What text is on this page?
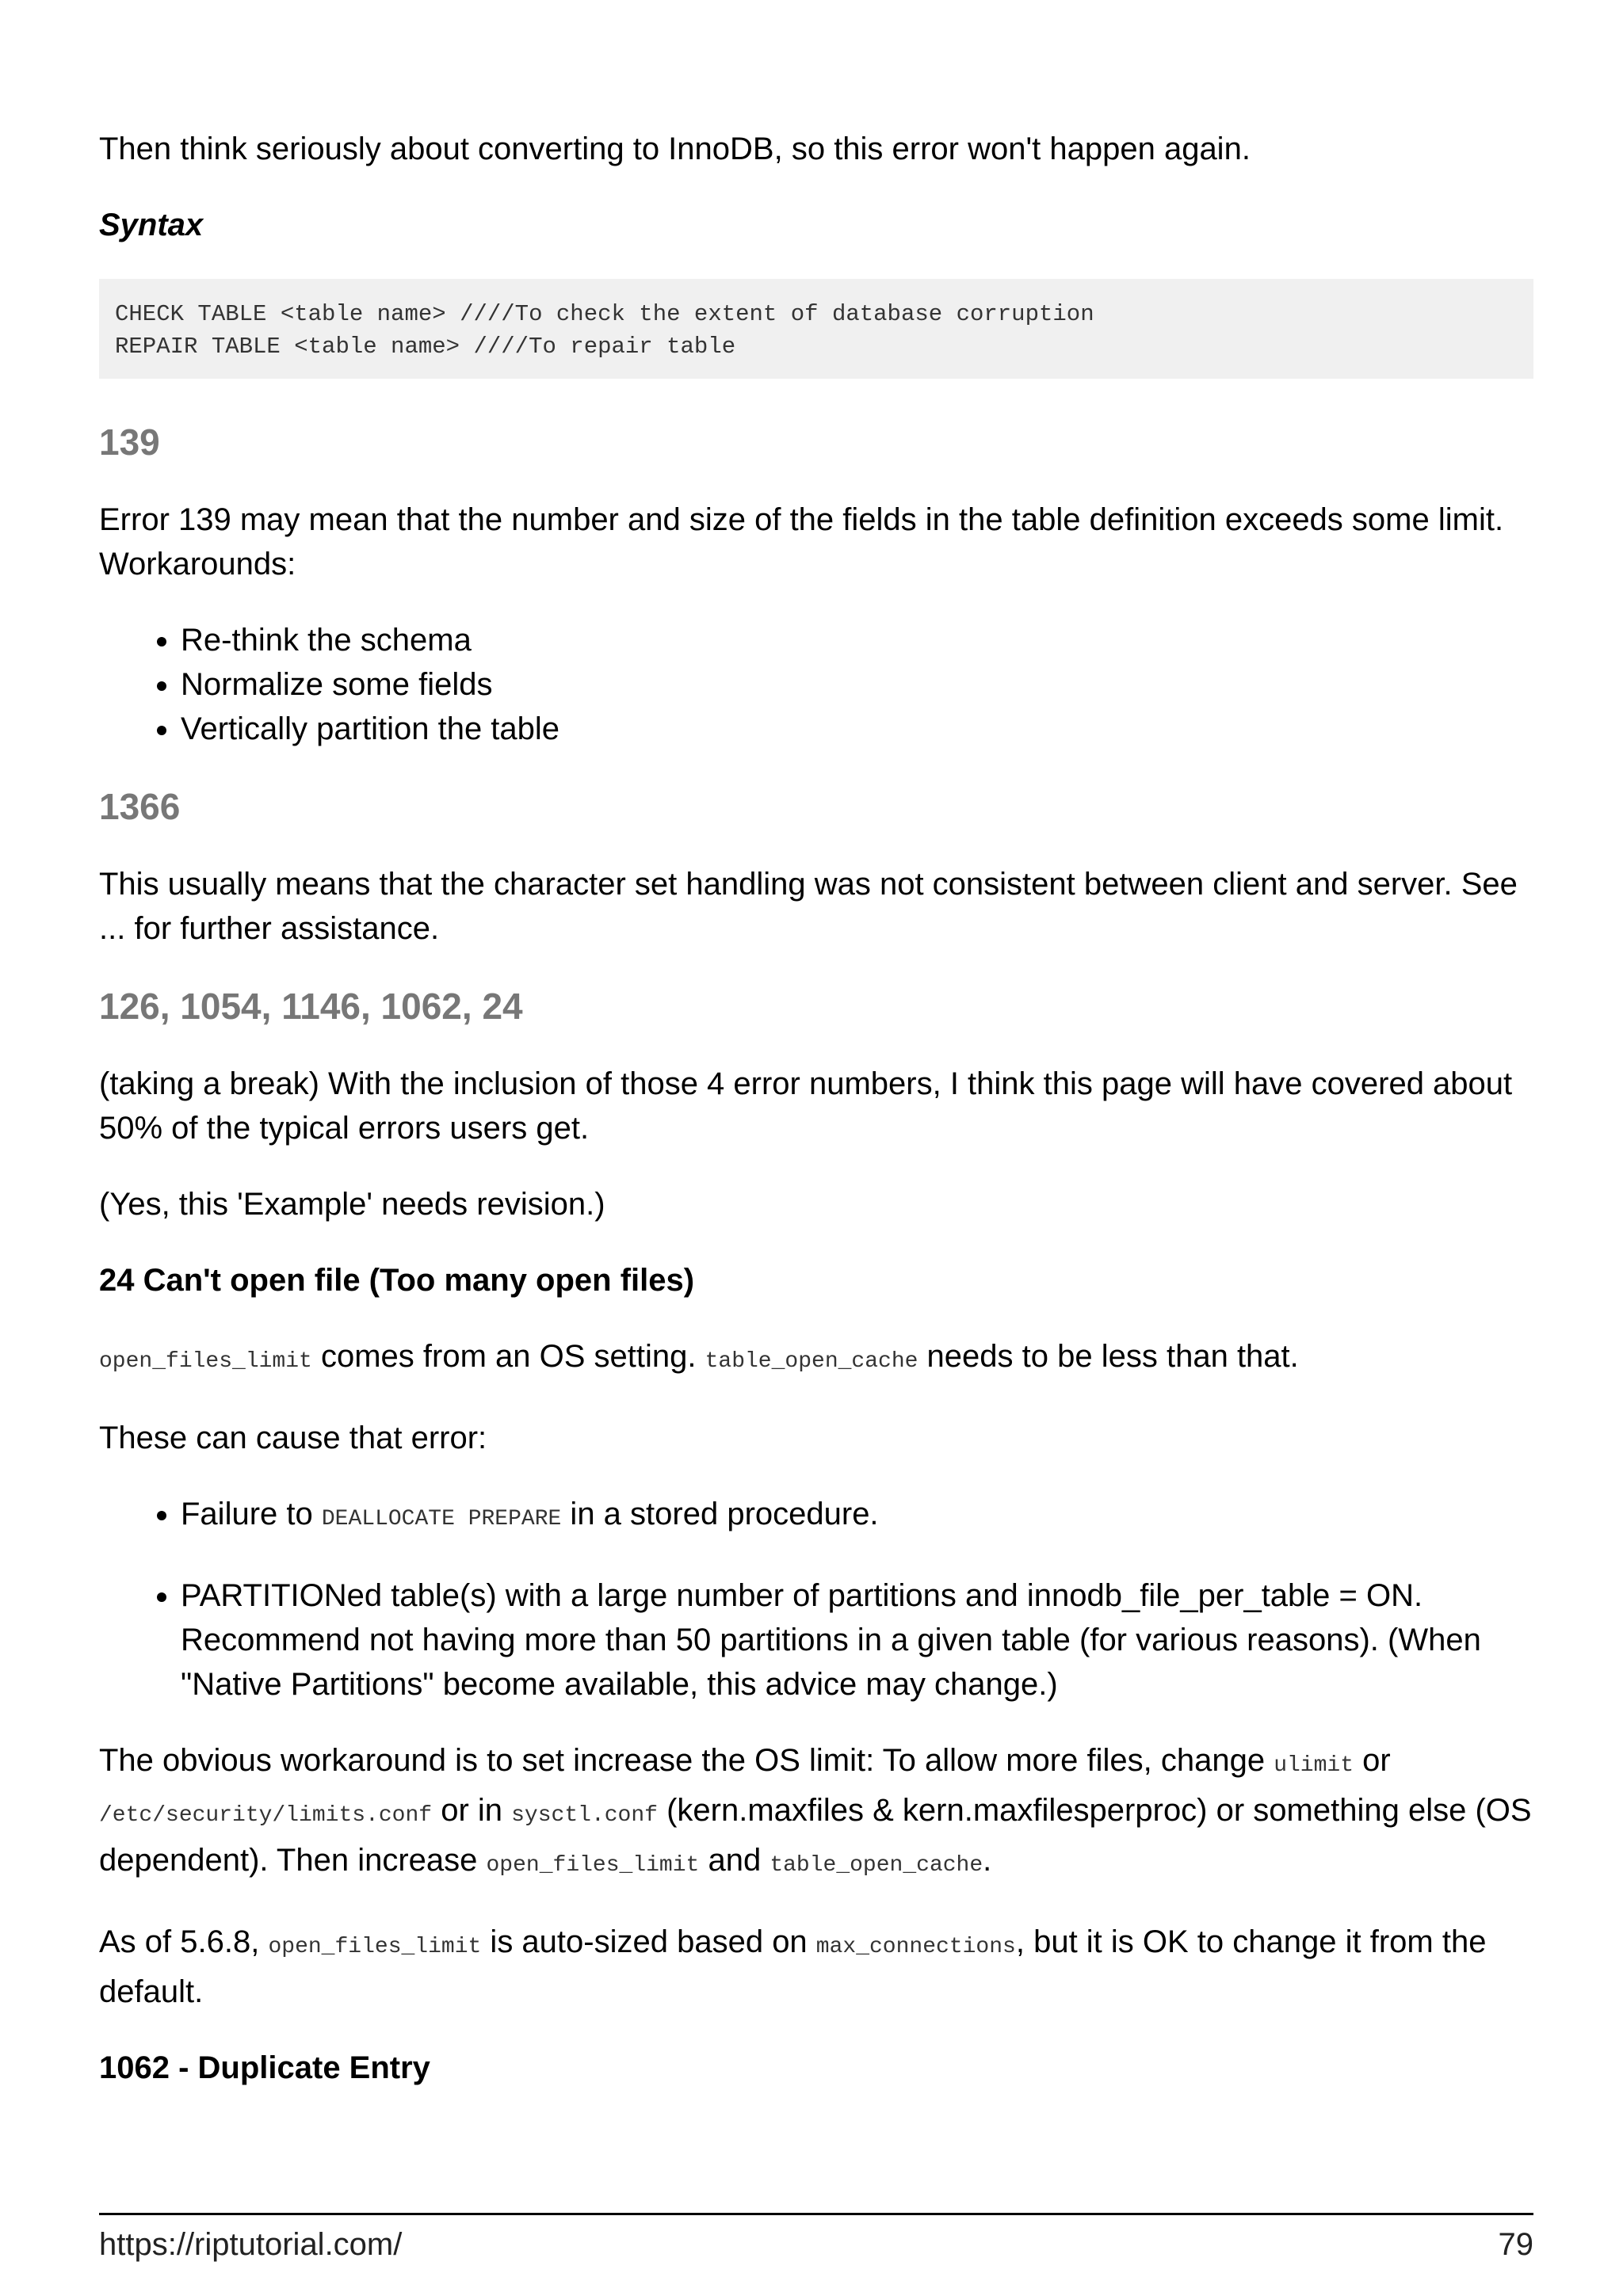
Then think seriously about converting to InnoDB, so this error won't happen again.

Syntax
CHECK TABLE <table name> ////To check the extent of database corruption
REPAIR TABLE <table name> ////To repair table
139

Error 139 may mean that the number and size of the fields in the table definition exceeds some limit. Workarounds:

• Re-think the schema
• Normalize some fields
• Vertically partition the table
1366

This usually means that the character set handling was not consistent between client and server. See ... for further assistance.

126, 1054, 1146, 1062, 24

(taking a break) With the inclusion of those 4 error numbers, I think this page will have covered about 50% of the typical errors users get.

(Yes, this 'Example' needs revision.)

24 Can't open file (Too many open files)

open_files_limit comes from an OS setting. table_open_cache needs to be less than that.

These can cause that error:

• Failure to DEALLOCATE PREPARE in a stored procedure.
• PARTITIONed table(s) with a large number of partitions and innodb_file_per_table = ON. Recommend not having more than 50 partitions in a given table (for various reasons). (When "Native Partitions" become available, this advice may change.)

The obvious workaround is to set increase the OS limit: To allow more files, change ulimit or /etc/security/limits.conf or in sysctl.conf (kern.maxfiles & kern.maxfilesperproc) or something else (OS dependent). Then increase open_files_limit and table_open_cache.

As of 5.6.8, open_files_limit is auto-sized based on max_connections, but it is OK to change it from the default.

1062 - Duplicate Entry
https://riptutorial.com/	79
